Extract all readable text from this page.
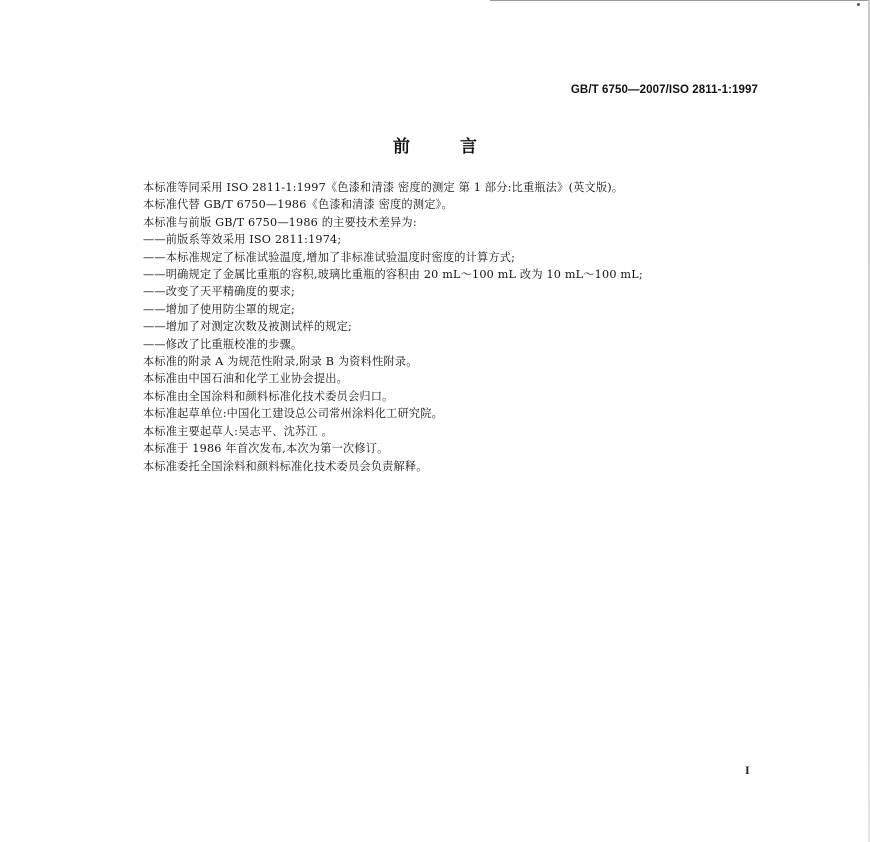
GB/T 6750—2007/ISO 2811-1:1997
前 言
本标准等同采用 ISO 2811-1:1997《色漆和清漆 密度的测定 第 1 部分:比重瓶法》(英文版)。
本标准代替 GB/T 6750—1986《色漆和清漆 密度的测定》。
本标准与前版 GB/T 6750—1986 的主要技术差异为:
——前版系等效采用 ISO 2811:1974;
——本标准规定了标准试验温度,增加了非标准试验温度时密度的计算方式;
——明确规定了金属比重瓶的容积,玻璃比重瓶的容积由 20 mL～100 mL 改为 10 mL～100 mL;
——改变了天平精确度的要求;
——增加了使用防尘罩的规定;
——增加了对测定次数及被测试样的规定;
——修改了比重瓶校准的步骤。
本标准的附录 A 为规范性附录,附录 B 为资料性附录。
本标准由中国石油和化学工业协会提出。
本标准由全国涂料和颜料标准化技术委员会归口。
本标准起草单位:中国化工建设总公司常州涂料化工研究院。
本标准主要起草人:吴志平、沈苏江 。
本标准于 1986 年首次发布,本次为第一次修订。
本标准委托全国涂料和颜料标准化技术委员会负责解释。
I
